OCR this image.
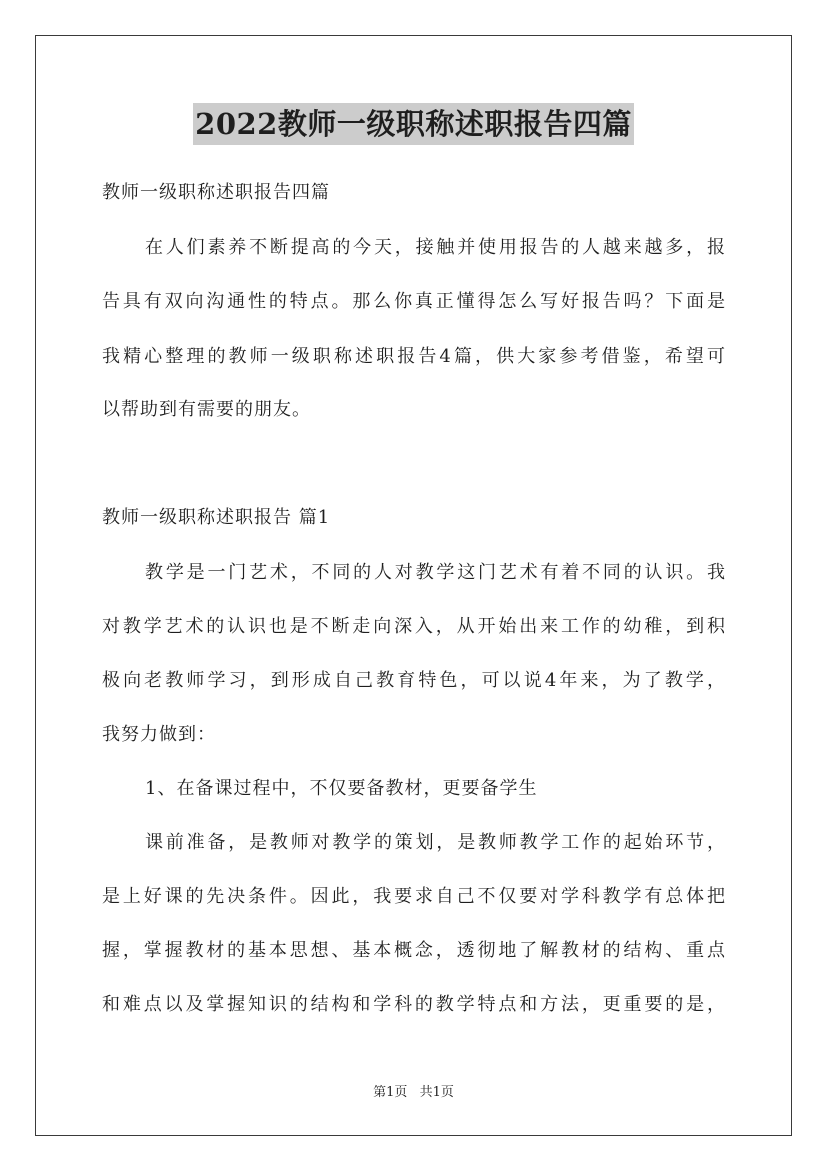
2022教师一级职称述职报告四篇
教师一级职称述职报告四篇
在人们素养不断提高的今天，接触并使用报告的人越来越多，报
告具有双向沟通性的特点。那么你真正懂得怎么写好报告吗？下面是
我精心整理的教师一级职称述职报告4篇，供大家参考借鉴，希望可
以帮助到有需要的朋友。
教师一级职称述职报告 篇1
教学是一门艺术，不同的人对教学这门艺术有着不同的认识。我
对教学艺术的认识也是不断走向深入，从开始出来工作的幼稚，到积
极向老教师学习，到形成自己教育特色，可以说4年来，为了教学，
我努力做到：
1、在备课过程中，不仅要备教材，更要备学生
课前准备，是教师对教学的策划，是教师教学工作的起始环节，
是上好课的先决条件。因此，我要求自己不仅要对学科教学有总体把
握，掌握教材的基本思想、基本概念，透彻地了解教材的结构、重点
和难点以及掌握知识的结构和学科的教学特点和方法，更重要的是，
第1页 共1页
